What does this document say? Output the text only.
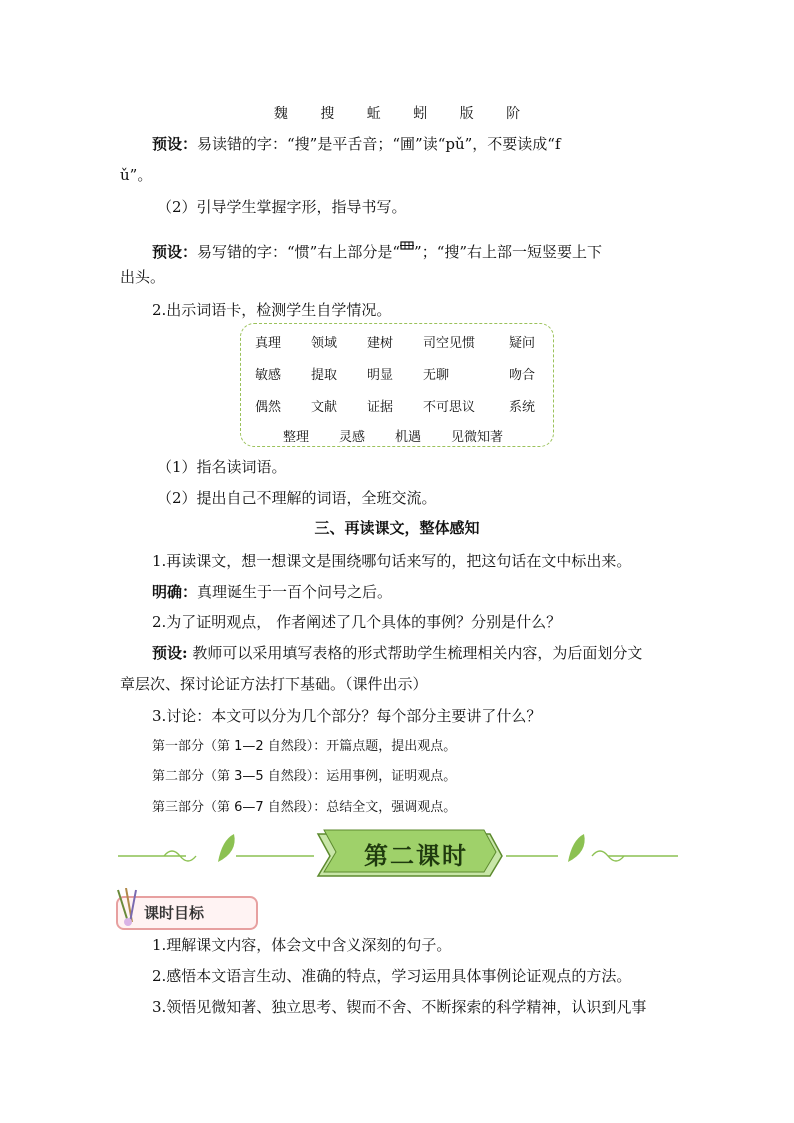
魏 搜 蚯 蚓 版 阶
预设：易读错的字：“搜”是平舌音；“圃”读“pǔ”，不要读成“f
ǔ”。
（2）引导学生掌握字形，指导书写。
预设：易写错的字：“惯”右上部分是“ ”；“搜”右上部一短竖要上下
出头。
2.出示词语卡，检测学生自学情况。
真理 领域 建树 司空见惯	疑问
敏感 提取 明显 无聊	吻合
偶然 文献 证据 不可思议	系统
整理 灵感 机遇 见微知著
（1）指名读词语。
（2）提出自己不理解的词语，全班交流。
三、再读课文，整体感知
1.再读课文，想一想课文是围绕哪句话来写的，把这句话在文中标出来。
明确：真理诞生于一百个问号之后。
2.为了证明观点， 作者阐述了几个具体的事例？分别是什么？
预设: 教师可以采用填写表格的形式帮助学生梳理相关内容，为后面划分文
章层次、探讨论证方法打下基础。（课件出示）
3.讨论：本文可以分为几个部分？每个部分主要讲了什么？
第一部分（第 1—2 自然段）：开篇点题，提出观点。
第二部分（第 3—5 自然段）：运用事例，证明观点。
第三部分（第 6—7 自然段）：总结全文，强调观点。
第二课时
课时目标
1.理解课文内容，体会文中含义深刻的句子。
2.感悟本文语言生动、准确的特点，学习运用具体事例论证观点的方法。
3.领悟见微知著、独立思考、锲而不舍、不断探索的科学精神，认识到凡事
